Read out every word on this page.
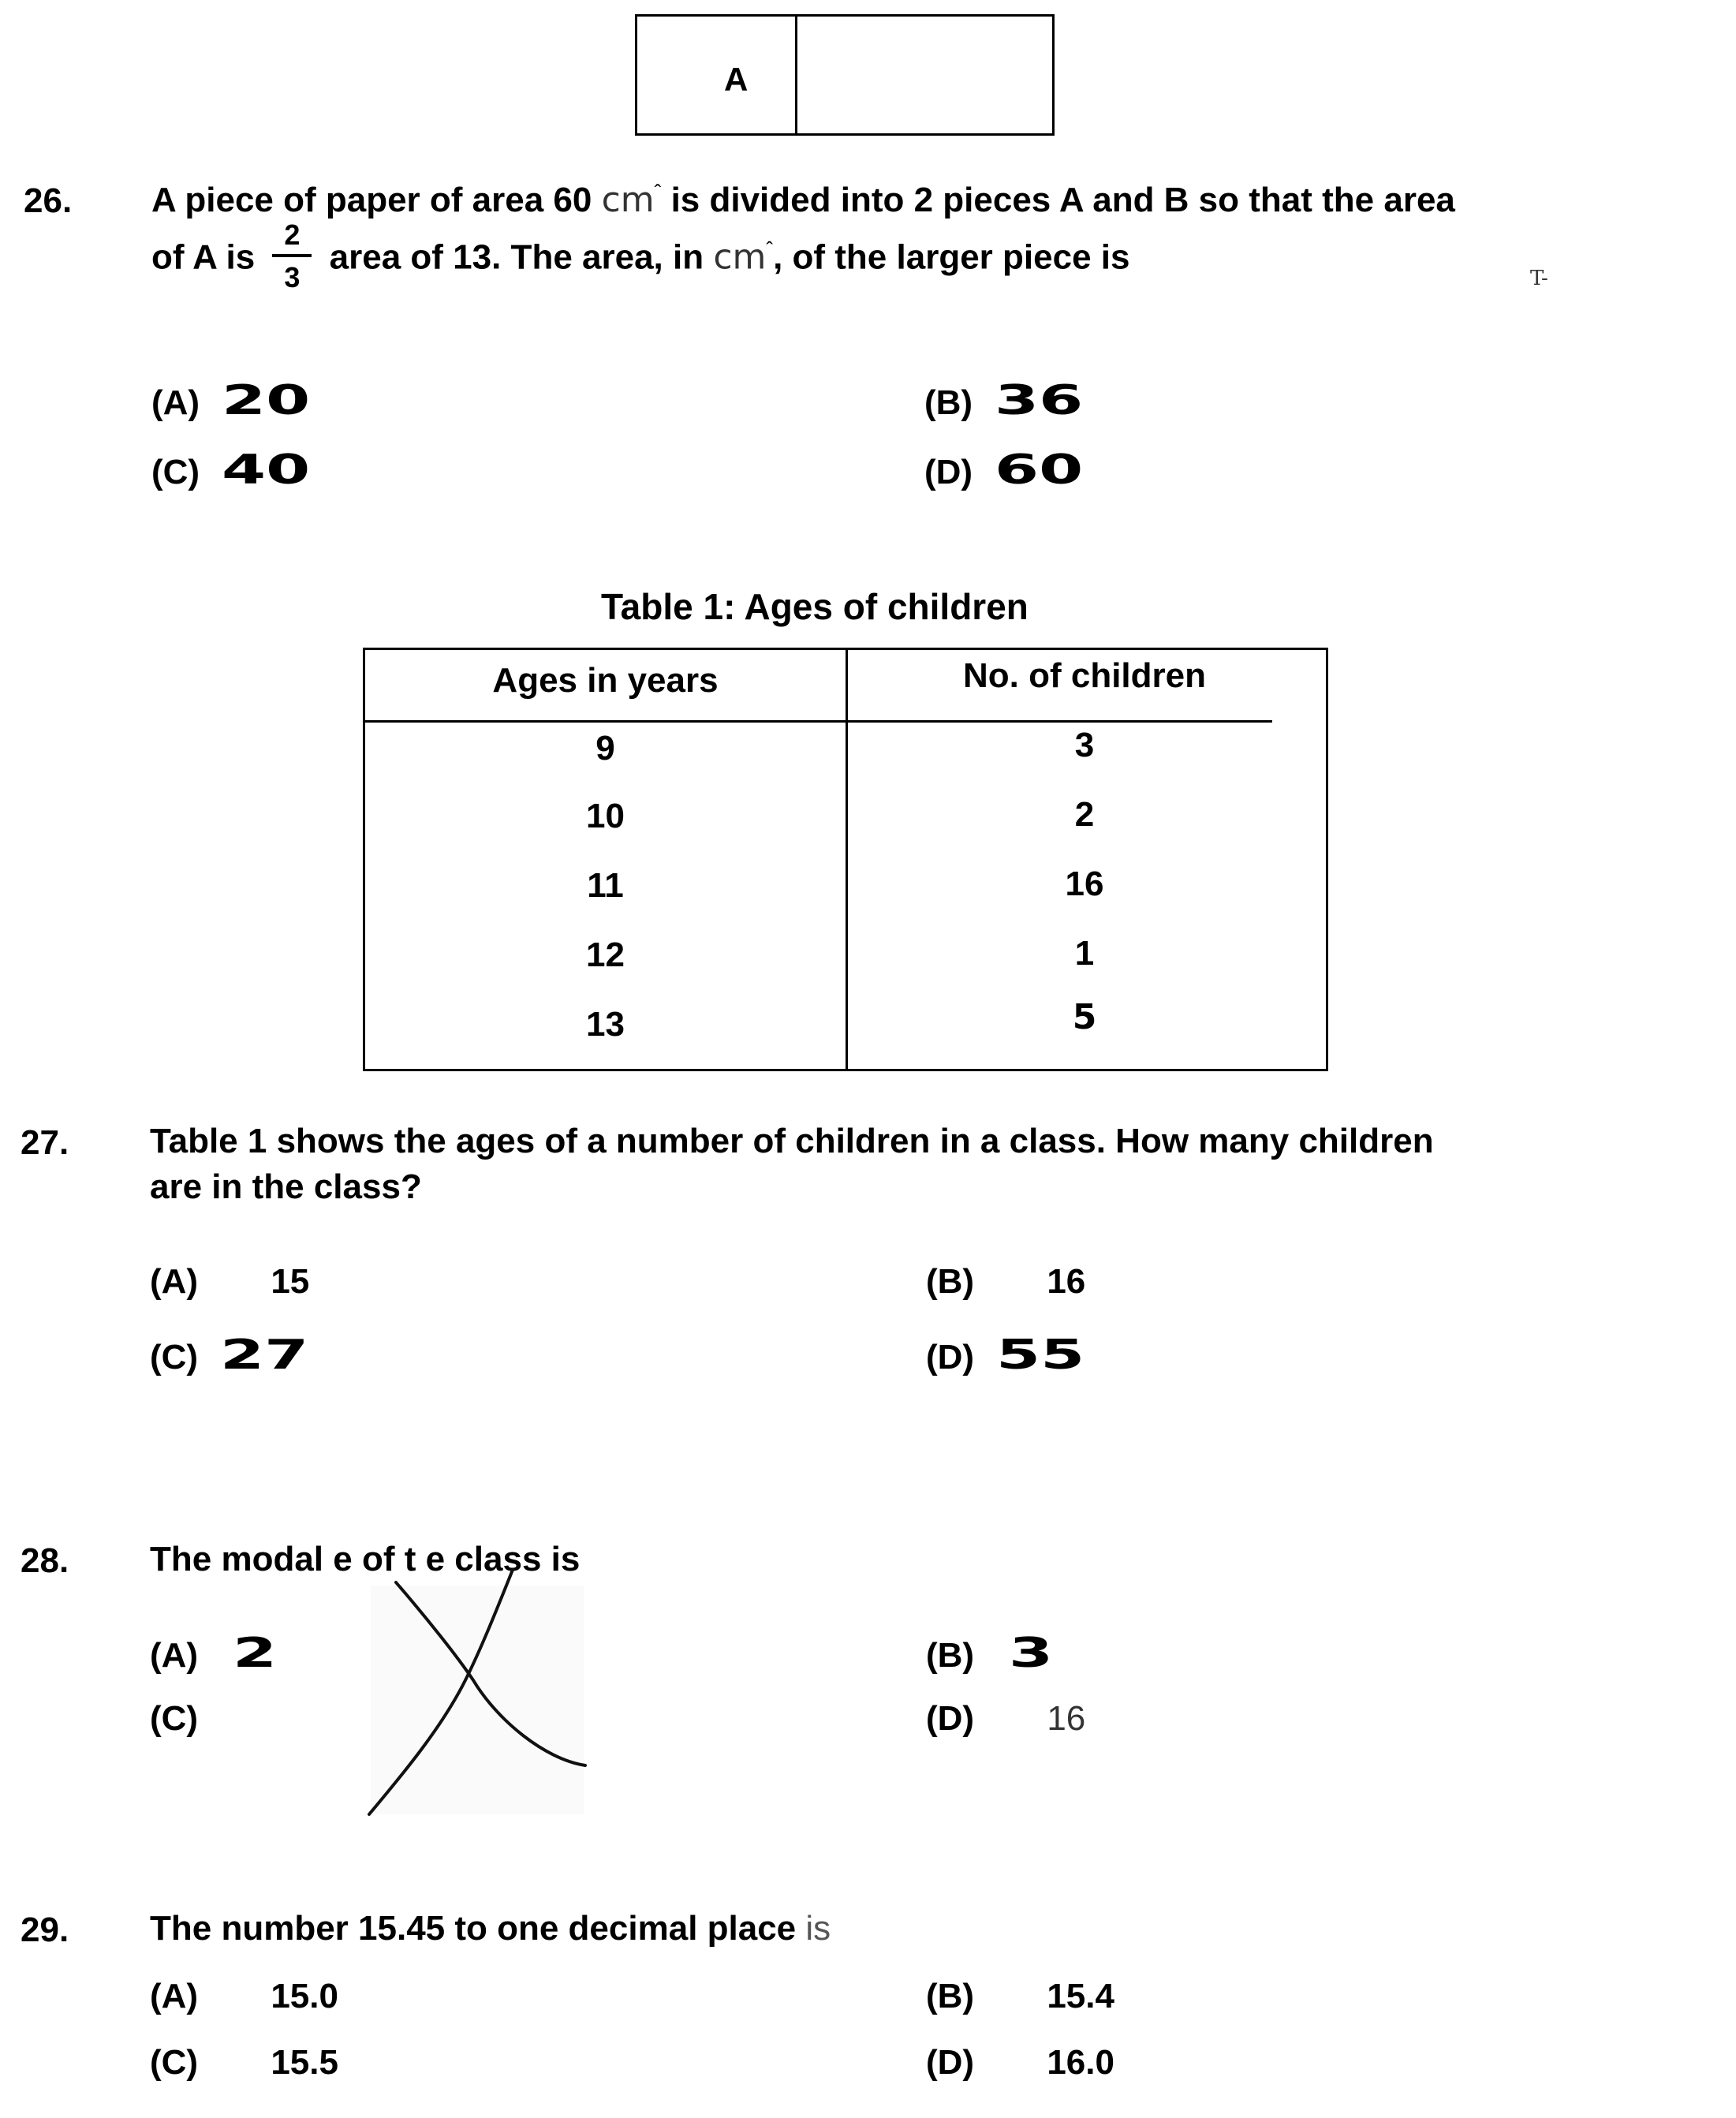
A
26. A piece of paper of area 60 $cm^ˆ$ is divided into 2 pieces A and B so that the area
of A is $\frac{2}{3}$ area of 13. The area, in $cm^ˆ$, of the larger piece is
T-
(A) 20	(B) 36
(C) 40	(D) 60
Table 1: Ages of children
Ages in years	No. of children
9	3
10	2
11	16
12	1
13	5
27. Table 1 shows the ages of a number of children in a class. How many children
are in the class?
(A) 15	(B) 16
(C) 27	(D) 55
28. The modal e of t e class is
(A) 2	(B) 3
(C)	(D) 16
29. The number 15.45 to one decimal place is
(A) 15.0	(B) 15.4
(C) 15.5	(D) 16.0
